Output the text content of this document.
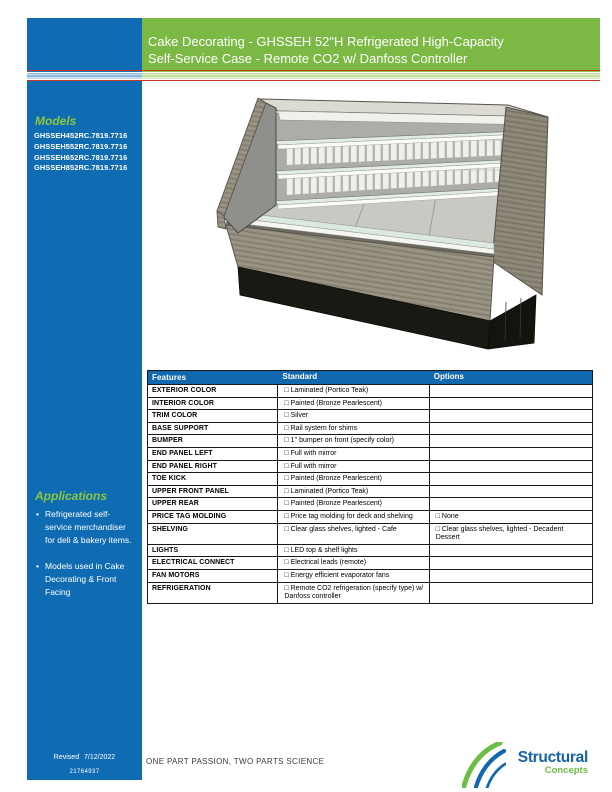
Cake Decorating - GHSSEH 52"H Refrigerated High-Capacity
Self-Service Case - Remote CO2 w/ Danfoss Controller
Models
GHSSEH452RC.7819.7716
GHSSEH552RC.7819.7716
GHSSEH652RC.7819.7716
GHSSEH852RC.7819.7716
Applications
• Refrigerated self-service merchandiser for deli & bakery items.
• Models used in Cake Decorating & Front Facing
Revised 7/12/2022
21764937
Features	Standard	Options
EXTERIOR COLOR	□ Laminated (Portico Teak)
INTERIOR COLOR	□ Painted (Bronze Pearlescent)
TRIM COLOR	□ Silver
BASE SUPPORT	□ Rail system for shims
BUMPER	□ 1'' bumper on front (specify color)
END PANEL LEFT	□ Full with mirror
END PANEL RIGHT	□ Full with mirror
TOE KICK	□ Painted (Bronze Pearlescent)
UPPER FRONT PANEL	□ Laminated (Portico Teak)
UPPER REAR	□ Painted (Bronze Pearlescent)
PRICE TAG MOLDING	□ Price tag molding for deck and shelving	□ None
SHELVING	□ Clear glass shelves, lighted - Cafe	□ Clear glass shelves, lighted - Decadent Dessert
LIGHTS	□ LED top & shelf lights
ELECTRICAL CONNECT	□ Electrical leads (remote)
FAN MOTORS	□ Energy efficient evaporator fans
REFRIGERATION	□ Remote CO2 refrigeration (specify type) w/ Danfoss controller
ONE PART PASSION, TWO PARTS SCIENCE	Structural
Concepts
